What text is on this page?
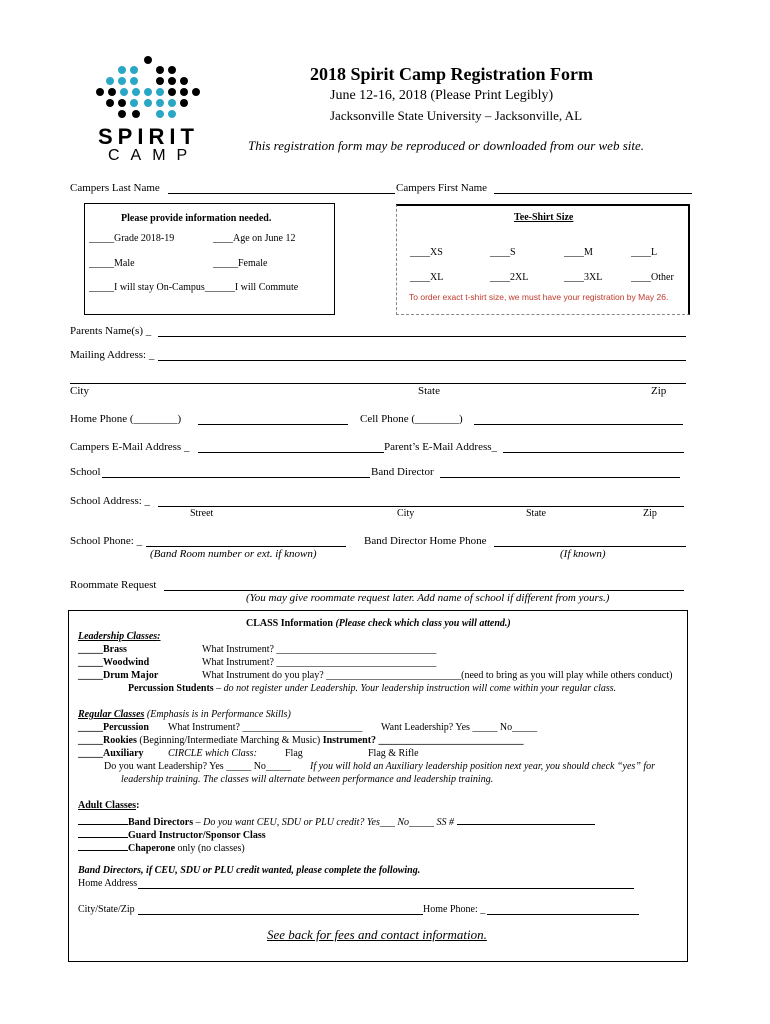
SPIRIT
CAMP
2018 Spirit Camp Registration Form
June 12-16, 2018 (Please Print Legibly)
Jacksonville State University – Jacksonville, AL
This registration form may be reproduced or downloaded from our web site.
Campers Last Name	Campers First Name
Please provide information needed.
_____Grade 2018-19	____Age on June 12
_____Male	_____Female
_____I will stay On-Campus______I will Commute
Tee-Shirt Size
____XS	____S	____M	____L
____XL	____2XL	____3XL	____Other
To order exact t-shirt size, we must have your registration by May 26.
Parents Name(s) _
Mailing Address: _
City	State	Zip
Home Phone (________)	Cell Phone (________)
Campers E-Mail Address _	Parent’s E-Mail Address_
School	Band Director
School Address: _
Street	City	State	Zip
School Phone: _
(Band Room number or ext. if known)
Band Director Home Phone
(If known)
Roommate Request
(You may give roommate request later. Add name of school if different from yours.)
CLASS Information (Please check which class you will attend.)
Leadership Classes:
_____Brass	What Instrument? ________________________________
_____Woodwind	What Instrument? ________________________________
_____Drum Major	What Instrument do you play? ___________________________(need to bring as you will play while others conduct)
Percussion Students – do not register under Leadership. Your leadership instruction will come within your regular class.
Regular Classes (Emphasis is in Performance Skills)
_____Percussion What Instrument? ________________________ Want Leadership? Yes _____ No_____
_____Rookies (Beginning/Intermediate Marching & Music) Instrument? _____________________________
_____Auxiliary CIRCLE which Class:	Flag	Flag & Rifle
Do you want Leadership? Yes _____ No_____ If you will hold an Auxiliary leadership position next year, you should check “yes” for
leadership training. The classes will alternate between performance and leadership training.
Adult Classes:
Band Directors – Do you want CEU, SDU or PLU credit? Yes___ No_____ SS #
Guard Instructor/Sponsor Class
Chaperone only (no classes)
Band Directors, if CEU, SDU or PLU credit wanted, please complete the following.
Home Address
City/State/Zip	Home Phone: _
See back for fees and contact information.
